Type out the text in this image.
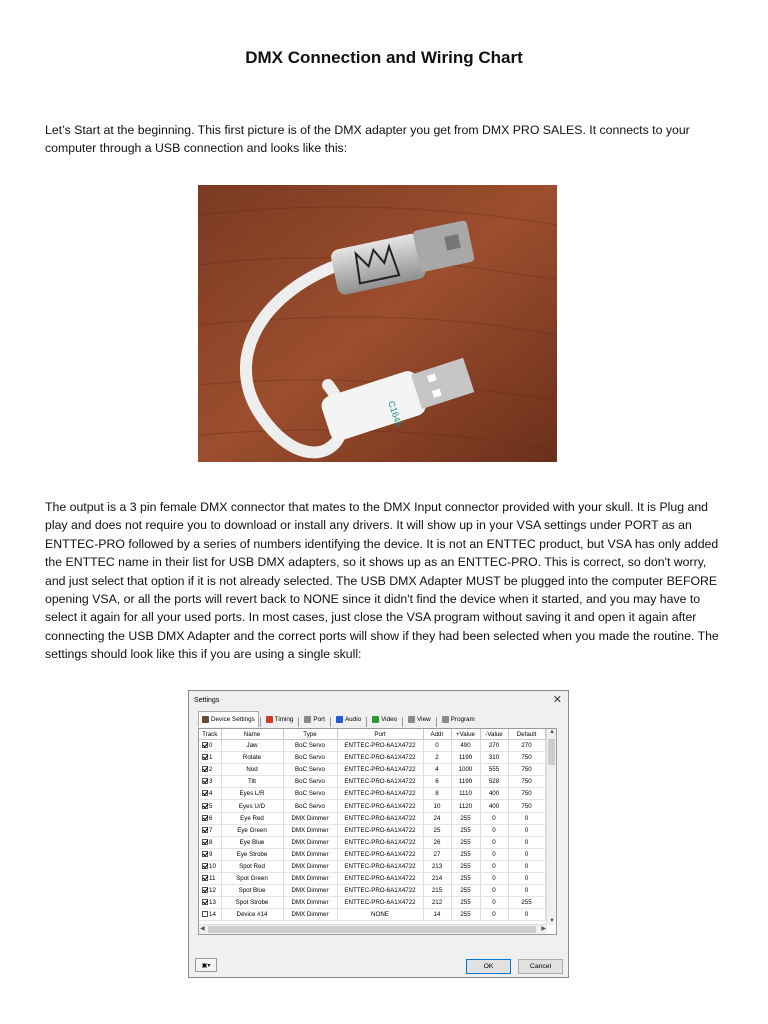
DMX Connection and Wiring Chart

Let’s Start at the beginning. This first picture is of the DMX adapter you get from DMX PRO SALES. It connects to your computer through a USB connection and looks like this:

C1646

The output is a 3 pin female DMX connector that mates to the DMX Input connector provided with your skull. It is Plug and play and does not require you to download or install any drivers. It will show up in your VSA settings under PORT as an ENTTEC-PRO followed by a series of numbers identifying the device. It is not an ENTTEC product, but VSA has only added the ENTTEC name in their list for USB DMX adapters, so it shows up as an ENTTEC-PRO. This is correct, so don't worry, and just select that option if it is not already selected. The USB DMX Adapter MUST be plugged into the computer BEFORE opening VSA, or all the ports will revert back to NONE since it didn't find the device when it started, and you may have to select it again for all your used ports. In most cases, just close the VSA program without saving it and open it again after connecting the USB DMX Adapter and the correct ports will show if they had been selected when you made the routine. The settings should look like this if you are using a single skull:

Settings	✕
Device Settings	Timing	Port	Audio	Video	View	Program
Track	Name	Type	Port	Addr	+Value	-Value	Default
0	Jaw	BoC Servo	ENTTEC-PRO-6A1X4722	0	490	270	270
1	Rotate	BoC Servo	ENTTEC-PRO-6A1X4722	2	1190	310	750
2	Nod	BoC Servo	ENTTEC-PRO-6A1X4722	4	1000	555	750
3	Tilt	BoC Servo	ENTTEC-PRO-6A1X4722	6	1190	528	750
4	Eyes L/R	BoC Servo	ENTTEC-PRO-6A1X4722	8	1110	400	750
5	Eyes U/D	BoC Servo	ENTTEC-PRO-6A1X4722	10	1120	400	750
6	Eye Red	DMX Dimmer	ENTTEC-PRO-6A1X4722	24	255	0	0
7	Eye Green	DMX Dimmer	ENTTEC-PRO-6A1X4722	25	255	0	0
8	Eye Blue	DMX Dimmer	ENTTEC-PRO-6A1X4722	26	255	0	0
9	Eye Strobe	DMX Dimmer	ENTTEC-PRO-6A1X4722	27	255	0	0
10	Spot Red	DMX Dimmer	ENTTEC-PRO-6A1X4722	213	255	0	0
11	Spot Green	DMX Dimmer	ENTTEC-PRO-6A1X4722	214	255	0	0
12	Spot Blue	DMX Dimmer	ENTTEC-PRO-6A1X4722	215	255	0	0
13	Spot Strobe	DMX Dimmer	ENTTEC-PRO-6A1X4722	212	255	0	255
14	Device #14	DMX Dimmer	NONE	14	255	0	0
▲
▼
◀	▶
▣▾	OK	Cancel
